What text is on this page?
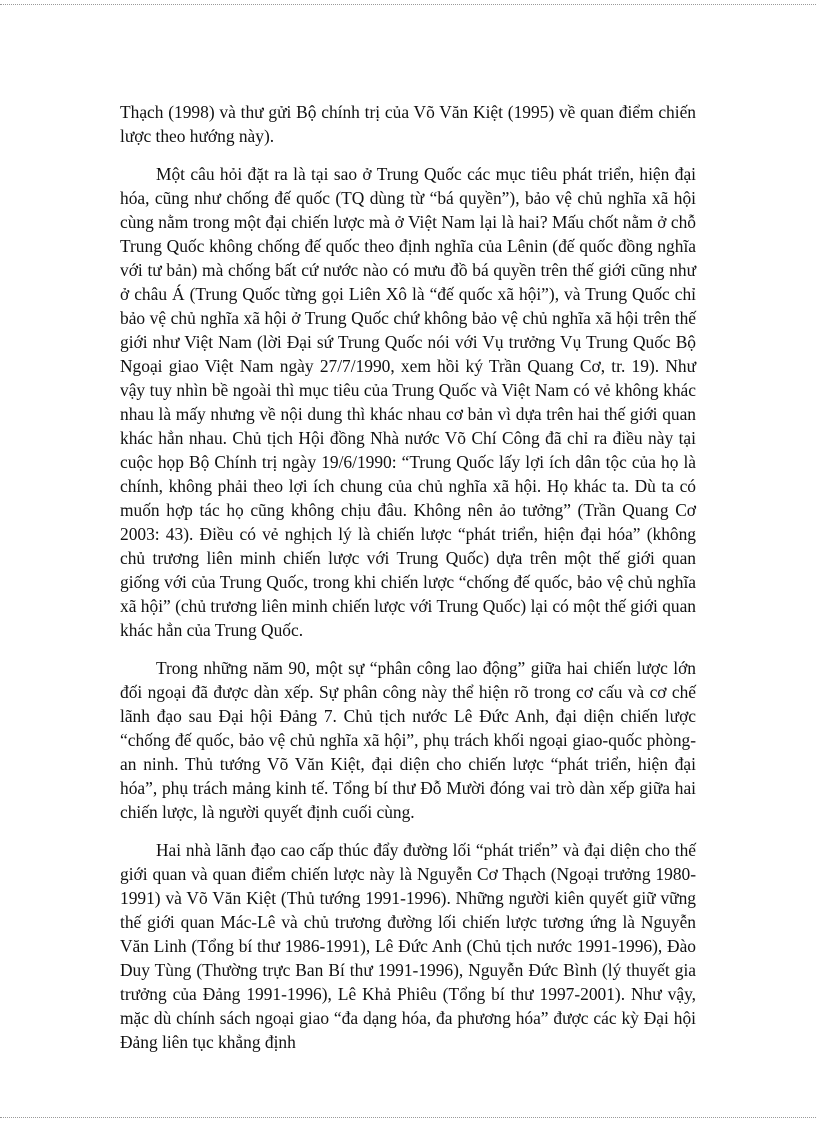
Thạch (1998) và thư gửi Bộ chính trị của Võ Văn Kiệt (1995) về quan điểm chiến lược theo hướng này).

Một câu hỏi đặt ra là tại sao ở Trung Quốc các mục tiêu phát triển, hiện đại hóa, cũng như chống đế quốc (TQ dùng từ “bá quyền”), bảo vệ chủ nghĩa xã hội cùng nằm trong một đại chiến lược mà ở Việt Nam lại là hai? Mấu chốt nằm ở chỗ Trung Quốc không chống đế quốc theo định nghĩa của Lênin (đế quốc đồng nghĩa với tư bản) mà chống bất cứ nước nào có mưu đồ bá quyền trên thế giới cũng như ở châu Á (Trung Quốc từng gọi Liên Xô là “đế quốc xã hội”), và Trung Quốc chỉ bảo vệ chủ nghĩa xã hội ở Trung Quốc chứ không bảo vệ chủ nghĩa xã hội trên thế giới như Việt Nam (lời Đại sứ Trung Quốc nói với Vụ trưởng Vụ Trung Quốc Bộ Ngoại giao Việt Nam ngày 27/7/1990, xem hồi ký Trần Quang Cơ, tr. 19). Như vậy tuy nhìn bề ngoài thì mục tiêu của Trung Quốc và Việt Nam có vẻ không khác nhau là mấy nhưng về nội dung thì khác nhau cơ bản vì dựa trên hai thế giới quan khác hẳn nhau. Chủ tịch Hội đồng Nhà nước Võ Chí Công đã chỉ ra điều này tại cuộc họp Bộ Chính trị ngày 19/6/1990: “Trung Quốc lấy lợi ích dân tộc của họ là chính, không phải theo lợi ích chung của chủ nghĩa xã hội. Họ khác ta. Dù ta có muốn hợp tác họ cũng không chịu đâu. Không nên ảo tưởng” (Trần Quang Cơ 2003: 43). Điều có vẻ nghịch lý là chiến lược “phát triển, hiện đại hóa” (không chủ trương liên minh chiến lược với Trung Quốc) dựa trên một thế giới quan giống với của Trung Quốc, trong khi chiến lược “chống đế quốc, bảo vệ chủ nghĩa xã hội” (chủ trương liên minh chiến lược với Trung Quốc) lại có một thế giới quan khác hẳn của Trung Quốc.

Trong những năm 90, một sự “phân công lao động” giữa hai chiến lược lớn đối ngoại đã được dàn xếp. Sự phân công này thể hiện rõ trong cơ cấu và cơ chế lãnh đạo sau Đại hội Đảng 7. Chủ tịch nước Lê Đức Anh, đại diện chiến lược “chống đế quốc, bảo vệ chủ nghĩa xã hội”, phụ trách khối ngoại giao-quốc phòng-an ninh. Thủ tướng Võ Văn Kiệt, đại diện cho chiến lược “phát triển, hiện đại hóa”, phụ trách mảng kinh tế. Tổng bí thư Đỗ Mười đóng vai trò dàn xếp giữa hai chiến lược, là người quyết định cuối cùng.

Hai nhà lãnh đạo cao cấp thúc đẩy đường lối “phát triển” và đại diện cho thế giới quan và quan điểm chiến lược này là Nguyễn Cơ Thạch (Ngoại trưởng 1980-1991) và Võ Văn Kiệt (Thủ tướng 1991-1996). Những người kiên quyết giữ vững thế giới quan Mác-Lê và chủ trương đường lối chiến lược tương ứng là Nguyễn Văn Linh (Tổng bí thư 1986-1991), Lê Đức Anh (Chủ tịch nước 1991-1996), Đào Duy Tùng (Thường trực Ban Bí thư 1991-1996), Nguyễn Đức Bình (lý thuyết gia trưởng của Đảng 1991-1996), Lê Khả Phiêu (Tổng bí thư 1997-2001). Như vậy, mặc dù chính sách ngoại giao “đa dạng hóa, đa phương hóa” được các kỳ Đại hội Đảng liên tục khẳng định
